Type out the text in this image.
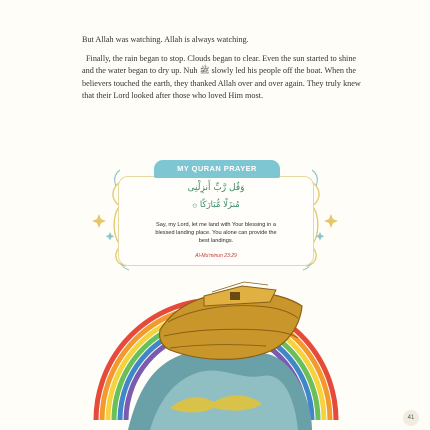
But Allah was watching. Allah is always watching.

Finally, the rain began to stop. Clouds began to clear. Even the sun started to shine and the water began to dry up. Nuh ﷺ slowly led his people off the boat. When the believers touched the earth, they thanked Allah over and over again. They truly knew that their Lord looked after those who loved Him most.

MY QURAN PRAYER
وَقُل رَّبِّ أَنزِلْنِى
مُنزَلًا مُّبَارَكًا ۞
Say, my Lord, let me land with Your blessing in a blessed landing place. You alone can provide the best landings.
Al-Mu'minun 23:29
41
